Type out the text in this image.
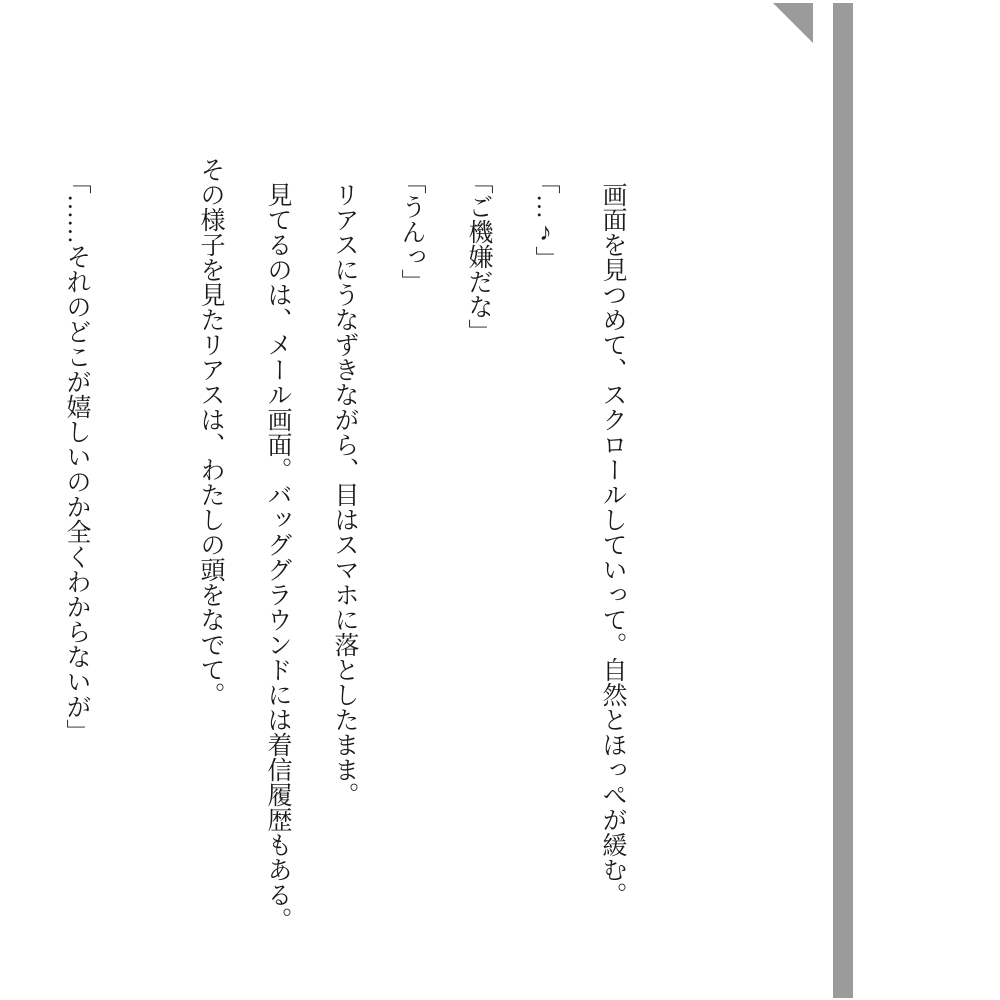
　画面を見つめて、スクロールしていって。自然とほっぺが緩む。

「…♪」

「ご機嫌だな」

「うんっ」

　リアスにうなずきながら、目はスマホに落としたまま。

　見てるのは、メール画面。バッググラウンドには着信履歴もある。

その様子を見たリアスは、わたしの頭をなでて。

「……それのどこが嬉しいのか全くわからないが」
